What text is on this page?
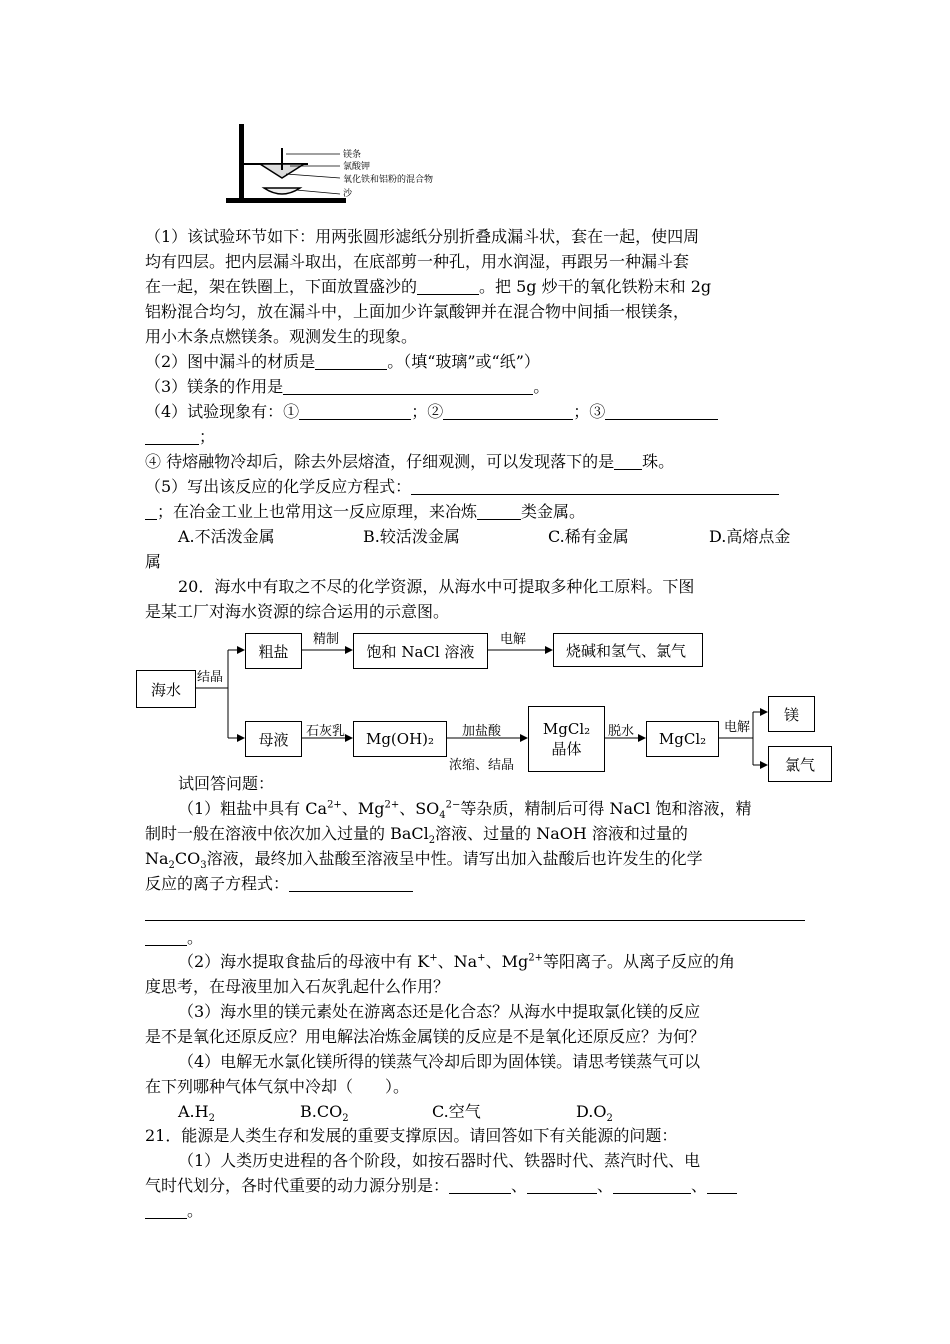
镁条
氯酸钾
氧化铁和铝粉的混合物
沙
（1）该试验环节如下：用两张圆形滤纸分别折叠成漏斗状，套在一起，使四周
均有四层。把内层漏斗取出，在底部剪一种孔，用水润湿，再跟另一种漏斗套
在一起，架在铁圈上，下面放置盛沙的	。把 5g 炒干的氧化铁粉末和 2g
铝粉混合均匀，放在漏斗中，上面加少许氯酸钾并在混合物中间插一根镁条，
用小木条点燃镁条。观测发生的现象。
（2）图中漏斗的材质是	。（填“玻璃”或“纸”）
（3）镁条的作用是	。
（4）试验现象有：①	；②	；③
；
④ 待熔融物冷却后，除去外层熔渣，仔细观测，可以发现落下的是 珠。
（5）写出该反应的化学反应方程式：
；在冶金工业上也常用这一反应原理，来冶炼	类金属。
A.不活泼金属	B.较活泼金属	C.稀有金属	D.高熔点金
属
20．海水中有取之不尽的化学资源，从海水中可提取多种化工原料。下图
是某工厂对海水资源的综合运用的示意图。
海水
粗盐	饱和 NaCl 溶液	烧碱和氢气、氯气
母液	Mg(OH)₂
MgCl₂
晶体
MgCl₂
镁
氯气
结晶
精制	电解
石灰乳	加盐酸
浓缩、结晶
脱水	电解
试回答问题：
（1）粗盐中具有 $Ca^{2+}$、$Mg^{2+}$、$SO_4^{2-}$等杂质，精制后可得 NaCl 饱和溶液，精
制时一般在溶液中依次加入过量的 BaCl$_2$溶液、过量的 NaOH 溶液和过量的
$Na_2CO_3$溶液，最终加入盐酸至溶液呈中性。请写出加入盐酸后也许发生的化学
反应的离子方程式：
。
（2）海水提取食盐后的母液中有 K+、Na+、$Mg^{2+}$等阳离子。从离子反应的角
度思考，在母液里加入石灰乳起什么作用？
（3）海水里的镁元素处在游离态还是化合态？从海水中提取氯化镁的反应
是不是氧化还原反应？用电解法冶炼金属镁的反应是不是氧化还原反应？为何？
（4）电解无水氯化镁所得的镁蒸气冷却后即为固体镁。请思考镁蒸气可以
在下列哪种气体气氛中冷却（　　）。
$A.H_2$	$B.CO_2$	C.空气	$D.O_2$
21．能源是人类生存和发展的重要支撑原因。请回答如下有关能源的问题：
（1）人类历史进程的各个阶段，如按石器时代、铁器时代、蒸汽时代、电
气时代划分，各时代重要的动力源分别是：	、	、	、
。
